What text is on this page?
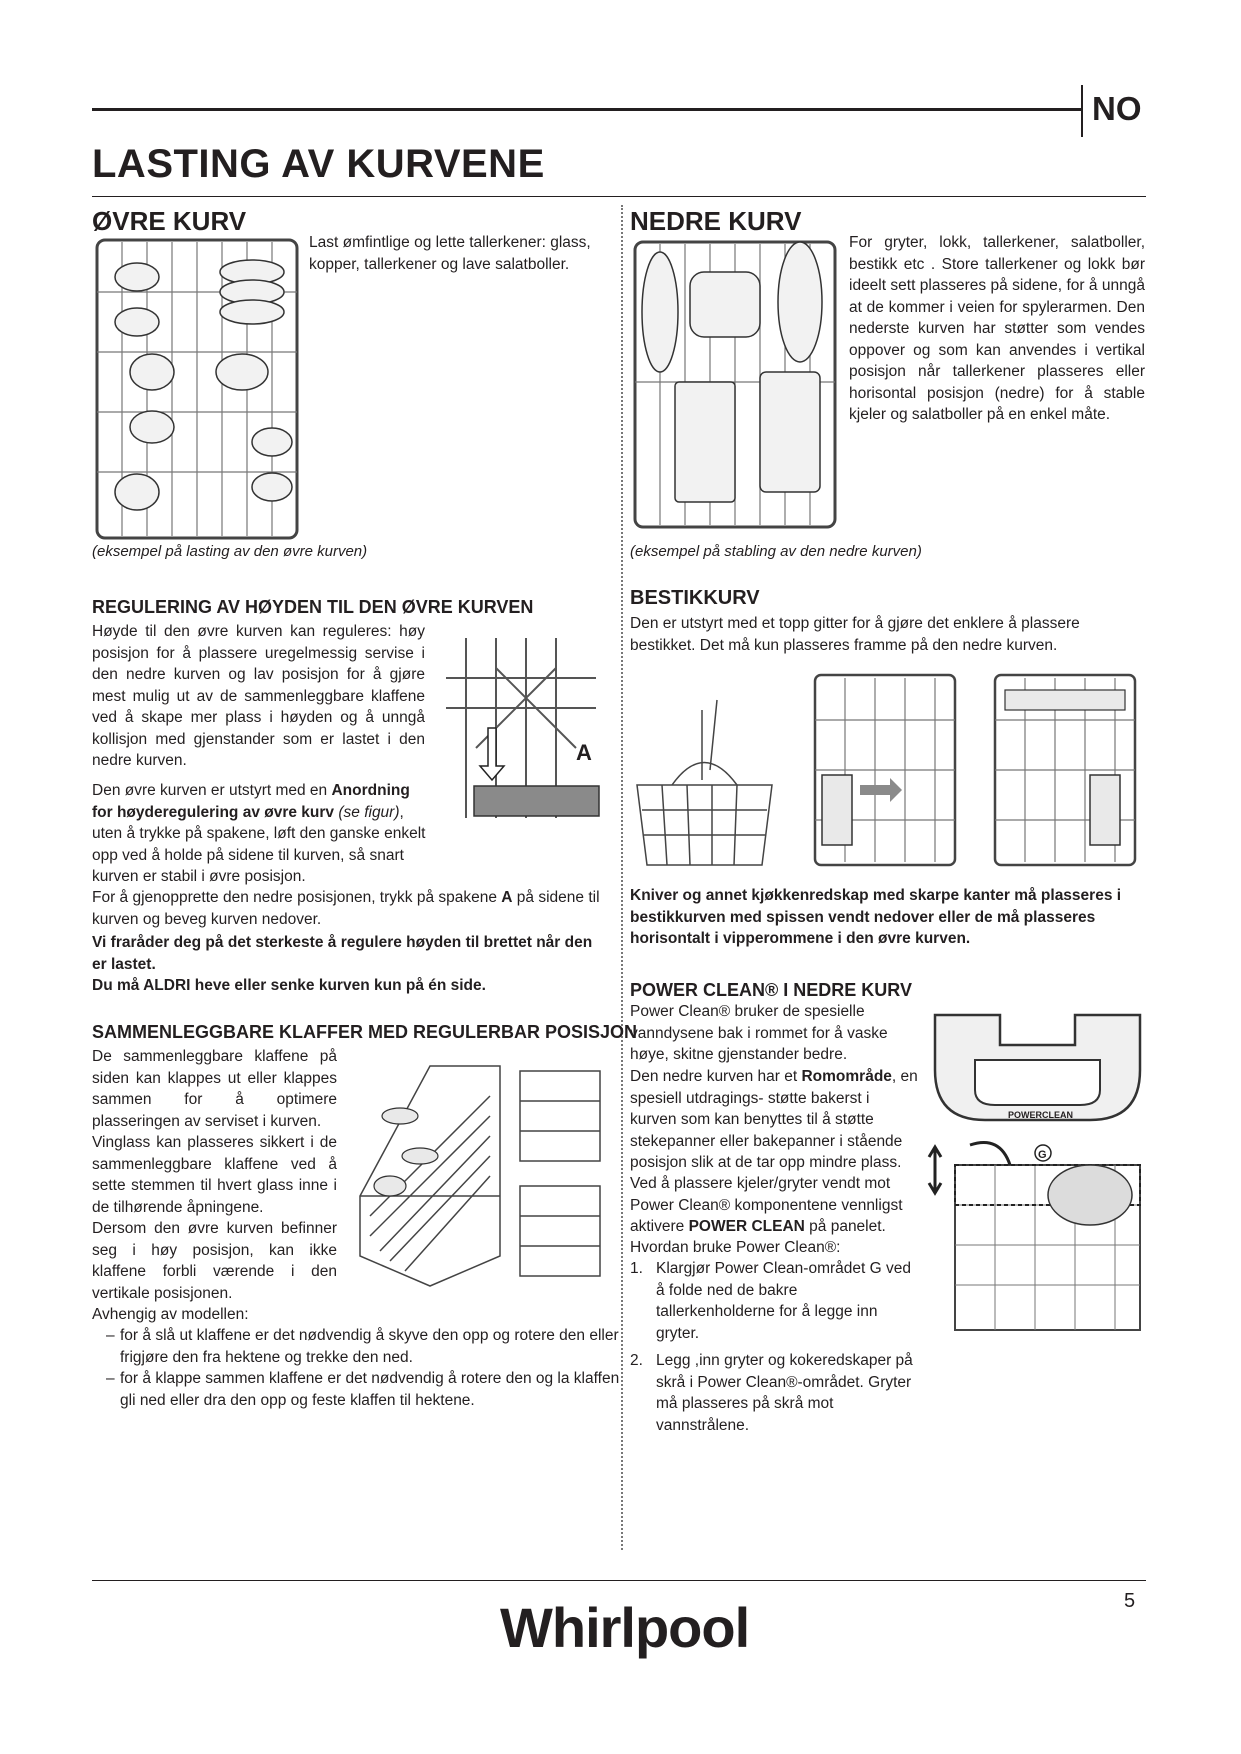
NO
LASTING AV KURVENE
ØVRE KURV
Last ømfintlige og lette tallerkener: glass, kopper, tallerkener og lave salatboller.
(eksempel på lasting av den øvre kurven)
NEDRE KURV
For gryter, lokk, tallerkener, salatboller, bestikk etc . Store tallerkener og lokk bør ideelt sett plasseres på sidene, for å unngå at de kommer i veien for spylerarmen. Den nederste kurven har støtter som vendes oppover og som kan anvendes i vertikal posisjon når tallerkener plasseres eller horisontal posisjon (nedre) for å stable kjeler og salatboller på en enkel måte.
(eksempel på stabling av den nedre kurven)
REGULERING AV HØYDEN TIL DEN ØVRE KURVEN
Høyde til den øvre kurven kan reguleres: høy posisjon for å plassere uregelmessig servise i den nedre kurven og lav posisjon for å gjøre mest mulig ut av de sammenleggbare klaffene ved å skape mer plass i høyden og å unngå kollisjon med gjenstander som er lastet i den nedre kurven.	A
Den øvre kurven er utstyrt med en Anordning for høyderegulering av øvre kurv (se figur), uten å trykke på spakene, løft den ganske enkelt opp ved å holde på sidene til kurven, så snart kurven er stabil i øvre posisjon.
For å gjenopprette den nedre posisjonen, trykk på spakene A på sidene til kurven og beveg kurven nedover.
Vi fraråder deg på det sterkeste å regulere høyden til brettet når den er lastet.
Du må ALDRI heve eller senke kurven kun på én side.
SAMMENLEGGBARE KLAFFER MED REGULERBAR POSISJON
De sammenleggbare klaffene på siden kan klappes ut eller klappes sammen for å optimere plasseringen av serviset i kurven.
Vinglass kan plasseres sikkert i de sammenleggbare klaffene ved å sette stemmen til hvert glass inne i de tilhørende åpningene.
Dersom den øvre kurven befinner seg i høy posisjon, kan ikke klaffene forbli værende i den vertikale posisjonen.
Avhengig av modellen:
– for å slå ut klaffene er det nødvendig å skyve den opp og rotere den eller frigjøre den fra hektene og trekke den ned.
– for å klappe sammen klaffene er det nødvendig å rotere den og la klaffen gli ned eller dra den opp og feste klaffen til hektene.
BESTIKKURV
Den er utstyrt med et topp gitter for å gjøre det enklere å plassere bestikket. Det må kun plasseres framme på den nedre kurven.
Kniver og annet kjøkkenredskap med skarpe kanter må plasseres i bestikkurven med spissen vendt nedover eller de må plasseres horisontalt i vipperommene i den øvre kurven.
POWER CLEAN® I NEDRE KURV
Power Clean® bruker de spesielle vanndysene bak i rommet for å vaske høye, skitne gjenstander bedre.
Den nedre kurven har et Romområde, en spesiell utdragings- støtte bakerst i kurven som kan benyttes til å støtte stekepanner eller bakepanner i stående posisjon slik at de tar opp mindre plass.
Ved å plassere kjeler/gryter vendt mot Power Clean® komponentene vennligst aktivere POWER CLEAN på panelet.
Hvordan bruke Power Clean®:
1. Klargjør Power Clean-området G ved å folde ned de bakre tallerkenholderne for å legge inn gryter.
2. Legg ,inn gryter og kokeredskaper på skrå i Power Clean®-området. Gryter må plasseres på skrå mot vannstrålene.
POWERCLEAN
G
5
Whirlpool
